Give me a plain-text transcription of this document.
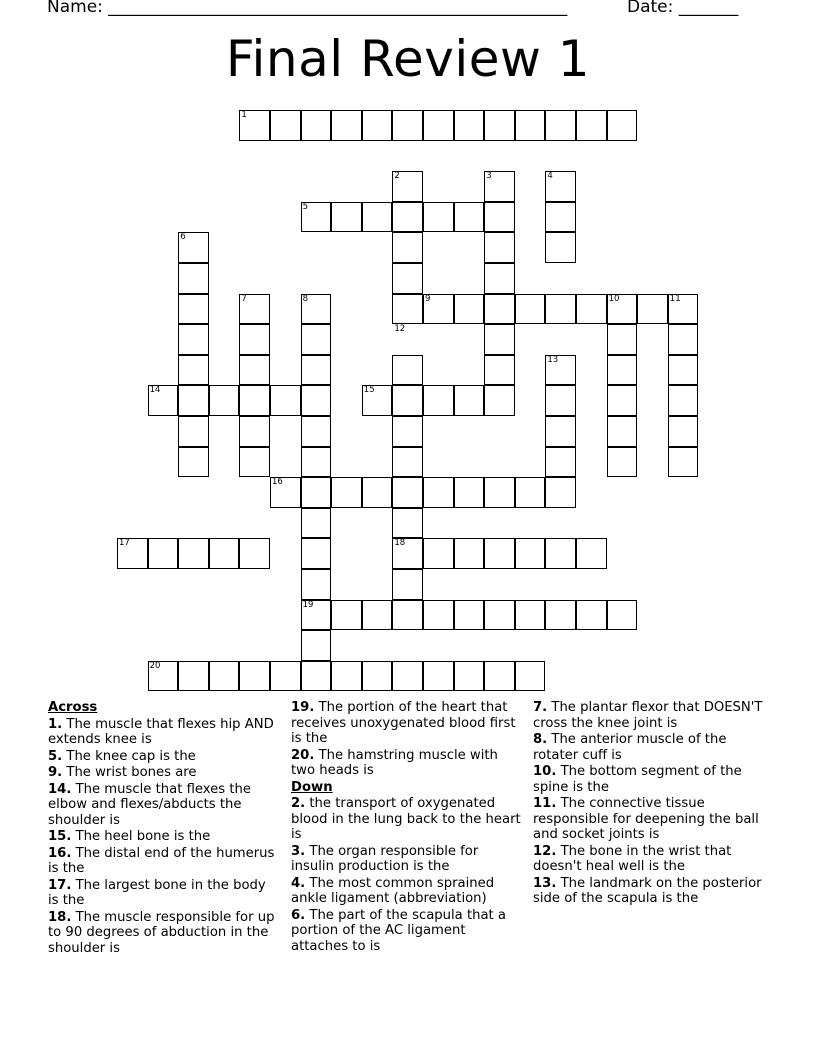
Name: ______________________________________________________	Date: _______
Final Review 1
1
2	3	4
5
6
7	8	9	10	11
12
13
14	15
16
17	18
19
20
Across

1. The muscle that flexes hip AND extends knee is

5. The knee cap is the

9. The wrist bones are

14. The muscle that flexes the elbow and flexes/abducts the shoulder is

15. The heel bone is the

16. The distal end of the humerus is the

17. The largest bone in the body is the

18. The muscle responsible for up to 90 degrees of abduction in the shoulder is

19. The portion of the heart that receives unoxygenated blood first is the

20. The hamstring muscle with two heads is

Down

2. the transport of oxygenated blood in the lung back to the heart is

3. The organ responsible for insulin production is the

4. The most common sprained ankle ligament (abbreviation)

6. The part of the scapula that a portion of the AC ligament attaches to is

7. The plantar flexor that DOESN'T cross the knee joint is

8. The anterior muscle of the rotater cuff is

10. The bottom segment of the spine is the

11. The connective tissue responsible for deepening the ball and socket joints is

12. The bone in the wrist that doesn't heal well is the

13. The landmark on the posterior side of the scapula is the
